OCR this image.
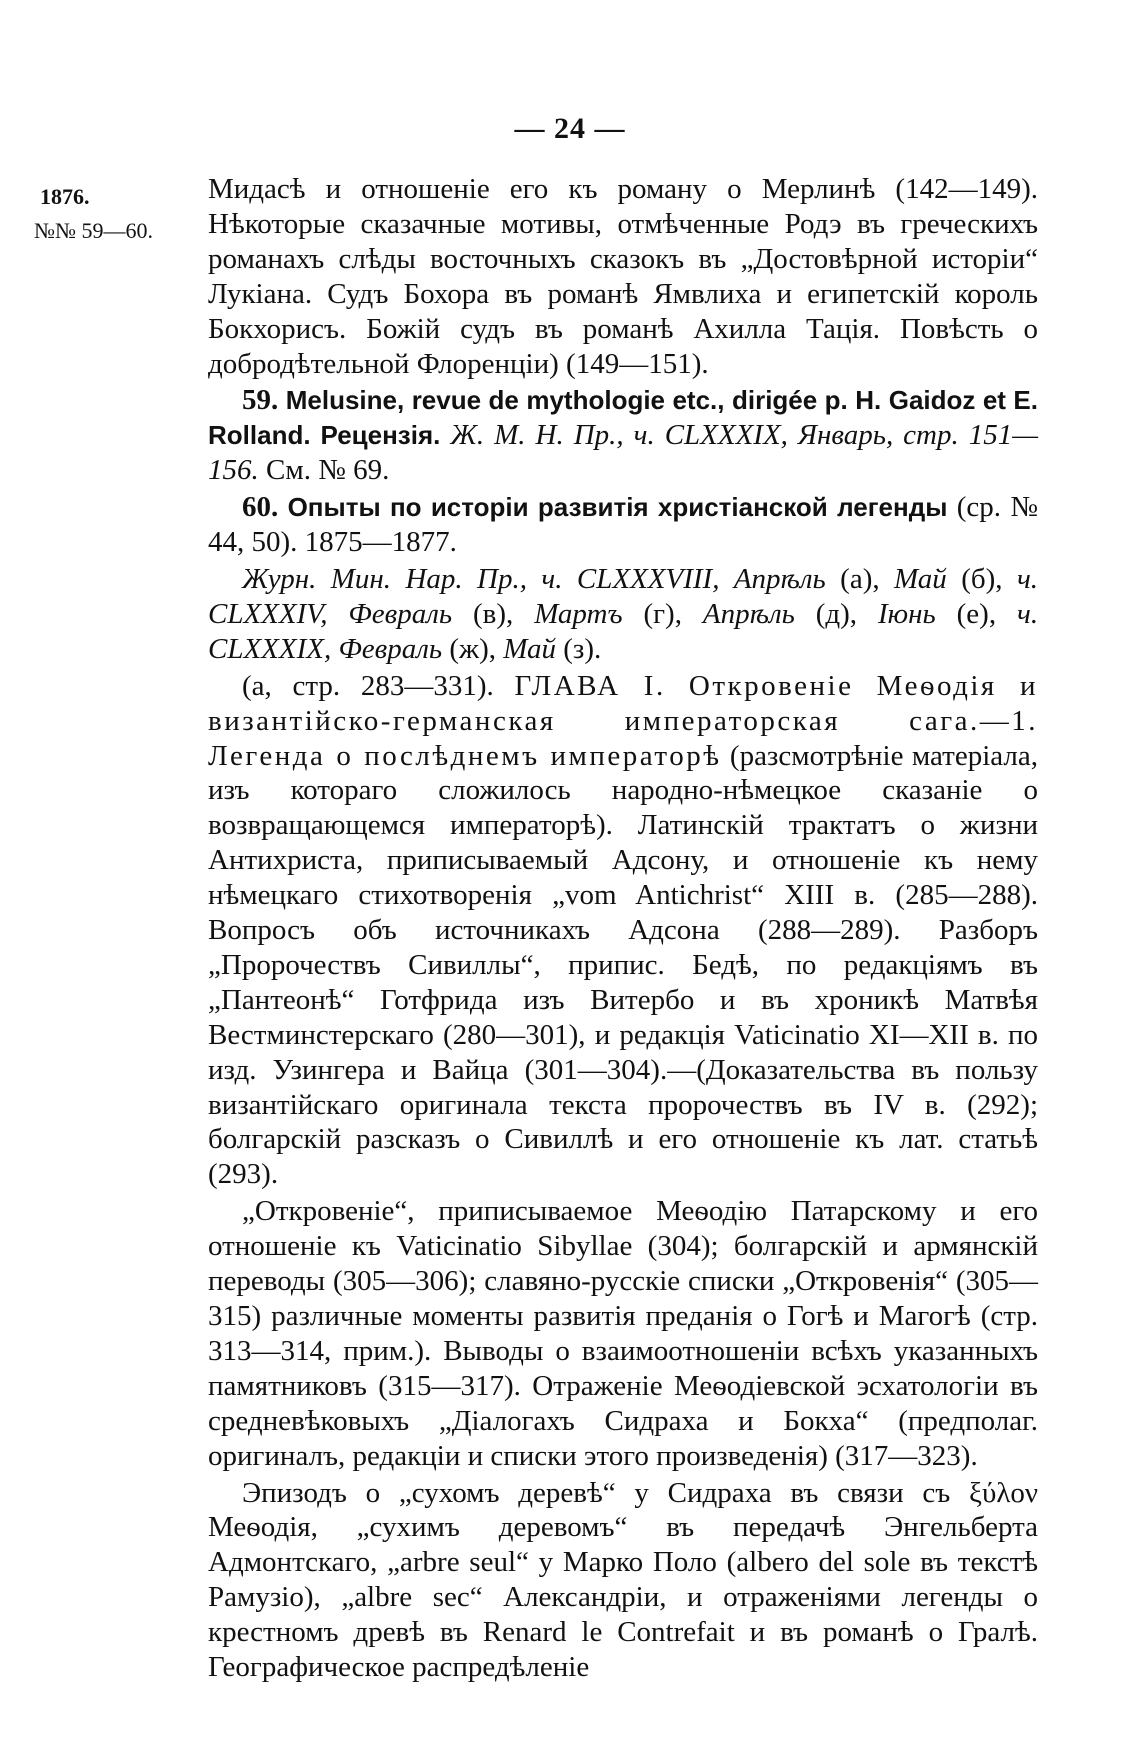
— 24 —
1876.
№№ 59—60.

Мидасѣ и отношеніе его къ роману о Мерлинѣ (142—149). Нѣкоторые сказачные мотивы, отмѣченные Родэ въ греческихъ романахъ слѣды восточныхъ сказокъ въ „Достовѣрной исторіи“ Лукіана. Судъ Бохора въ романѣ Ямвлиха и египетскій король Бокхорисъ. Божій судъ въ романѣ Ахилла Тація. Повѣсть о добродѣтельной Флоренціи) (149—151).

59. Melusine, revue de mythologie etc., dirigée p. H. Gaidoz et E. Rolland. Рецензія. Ж. М. Н. Пр., ч. CLXXXIX, Январь, стр. 151—156. См. № 69.

60. Опыты по исторіи развитія христіанской легенды (ср. № 44, 50). 1875—1877.

Журн. Мин. Нар. Пр., ч. CLXXXVIII, Апрѣль (а), Май (б), ч. CLXXXIV, Февраль (в), Мартъ (г), Апрѣль (д), Іюнь (е), ч. CLXXXIX, Февраль (ж), Май (з).

(а, стр. 283—331). ГЛАВА I. Откровеніе Меѳодія и византійско-германская императорская сага.—1. Легенда о послѣднемъ императорѣ (разсмотрѣніе матеріала, изъ котораго сложилось народно-нѣмецкое сказаніе о возвращающемся императорѣ). Латинскій трактатъ о жизни Антихриста, приписываемый Адсону, и отношеніе къ нему нѣмецкаго стихотворенія „vom Antichrist“ XIII в. (285—288). Вопросъ объ источникахъ Адсона (288—289). Разборъ „Пророчествъ Сивиллы“, припис. Бедѣ, по редакціямъ въ „Пантеонѣ“ Готфрида изъ Витербо и въ хроникѣ Матвѣя Вестминстерскаго (280—301), и редакція Vaticinatio XI—XII в. по изд. Узингера и Вайца (301—304).—(Доказательства въ пользу византійскаго оригинала текста пророчествъ въ IV в. (292); болгарскій разсказъ о Сивиллѣ и его отношеніе къ лат. статьѣ (293).

„Откровеніе“, приписываемое Меѳодію Патарскому и его отношеніе къ Vaticinatio Sibyllae (304); болгарскій и армянскій переводы (305—306); славяно-русскіе списки „Откровенія“ (305—315) различные моменты развитія преданія о Гогѣ и Магогѣ (стр. 313—314, прим.). Выводы о взаимоотношеніи всѣхъ указанныхъ памятниковъ (315—317). Отраженіе Меѳодіевской эсхатологіи въ средневѣковыхъ „Діалогахъ Сидраха и Бокха“ (предполаг. оригиналъ, редакціи и списки этого произведенія) (317—323).

Эпизодъ о „сухомъ деревѣ“ у Сидраха въ связи съ ξύλον Меѳодія, „сухимъ деревомъ“ въ передачѣ Энгельберта Адмонтскаго, „arbre seul“ у Марко Поло (albero del sole въ текстѣ Рамузіо), „albre sec“ Александріи, и отраженіями легенды о крестномъ древѣ въ Renard le Contrefait и въ романѣ о Гралѣ. Географическое распредѣленіе
